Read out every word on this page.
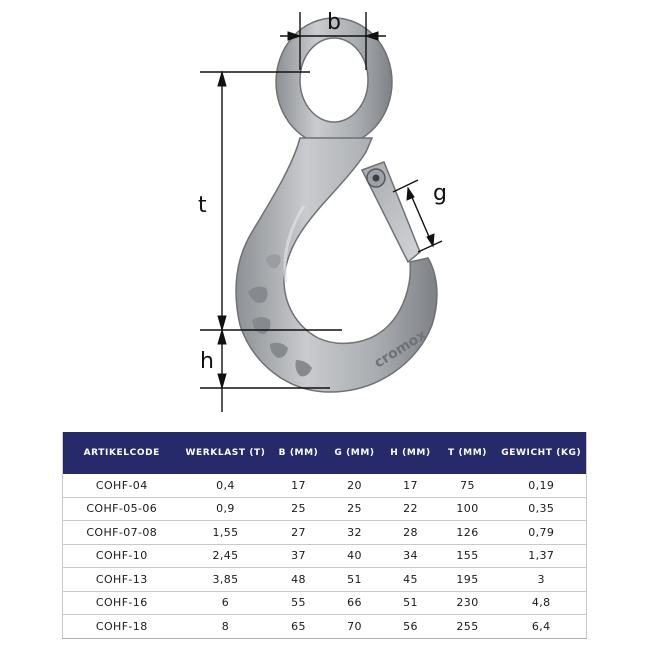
cromox
b
g
t
h
ARTIKELCODE	WERKLAST (T)	B (MM)	G (MM)	H (MM)	T (MM)	GEWICHT (KG)
COHF-04	0,4	17	20	17	75	0,19
COHF-05-06	0,9	25	25	22	100	0,35
COHF-07-08	1,55	27	32	28	126	0,79
COHF-10	2,45	37	40	34	155	1,37
COHF-13	3,85	48	51	45	195	3
COHF-16	6	55	66	51	230	4,8
COHF-18	8	65	70	56	255	6,4
